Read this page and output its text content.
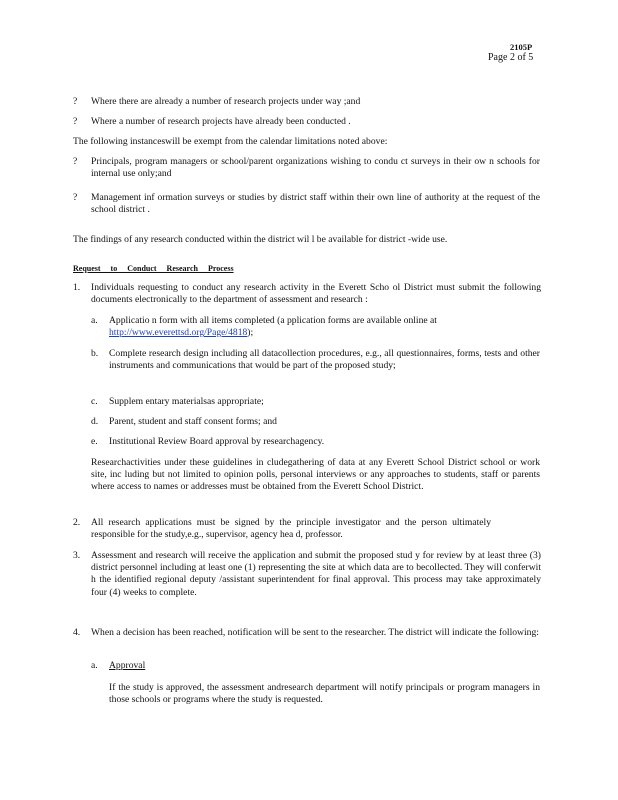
2105P
Page 2 of 5
? Where there are already a number of research projects under way ;and
? Where a number of research projects have already been conducted .
The following instanceswill be exempt from the calendar limitations noted above:
? Principals, program managers or school/parent organizations wishing to condu ct surveys in their ow n schools for internal use only;and
? Management inf ormation surveys or studies by district staff within their own line of authority at the request of the school district .
The findings of any research conducted within the district wil l be available for district -wide use.
Request to Conduct Research Process
1. Individuals requesting to conduct any research activity in the Everett Scho ol District must submit the following documents electronically to the department of assessment and research :
a. Applicatio n form with all items completed (a pplication forms are available online at http://www.everettsd.org/Page/4818);
b. Complete research design including all datacollection procedures, e.g., all questionnaires, forms, tests and other instruments and communications that would be part of the proposed study;
c. Supplem entary materialsas appropriate;
d. Parent, student and staff consent forms; and
e. Institutional Review Board approval by researchagency.
Researchactivities under these guidelines in cludegathering of data at any Everett School District school or work site, inc luding but not limited to opinion polls, personal interviews or any approaches to students, staff or parents where access to names or addresses must be obtained from the Everett School District.
2. All research applications must be signed by the principle investigator and the person ultimately responsible for the study,e.g., supervisor, agency hea d, professor.
3. Assessment and research will receive the application and submit the proposed stud y for review by at least three (3) district personnel including at least one (1) representing the site at which data are to becollected. They will conferwit h the identified regional deputy /assistant superintendent for final approval. This process may take approximately four (4) weeks to complete.
4. When a decision has been reached, notification will be sent to the researcher. The district will indicate the following:
a. Approval
If the study is approved, the assessment andresearch department will notify principals or program managers in those schools or programs where the study is requested.
